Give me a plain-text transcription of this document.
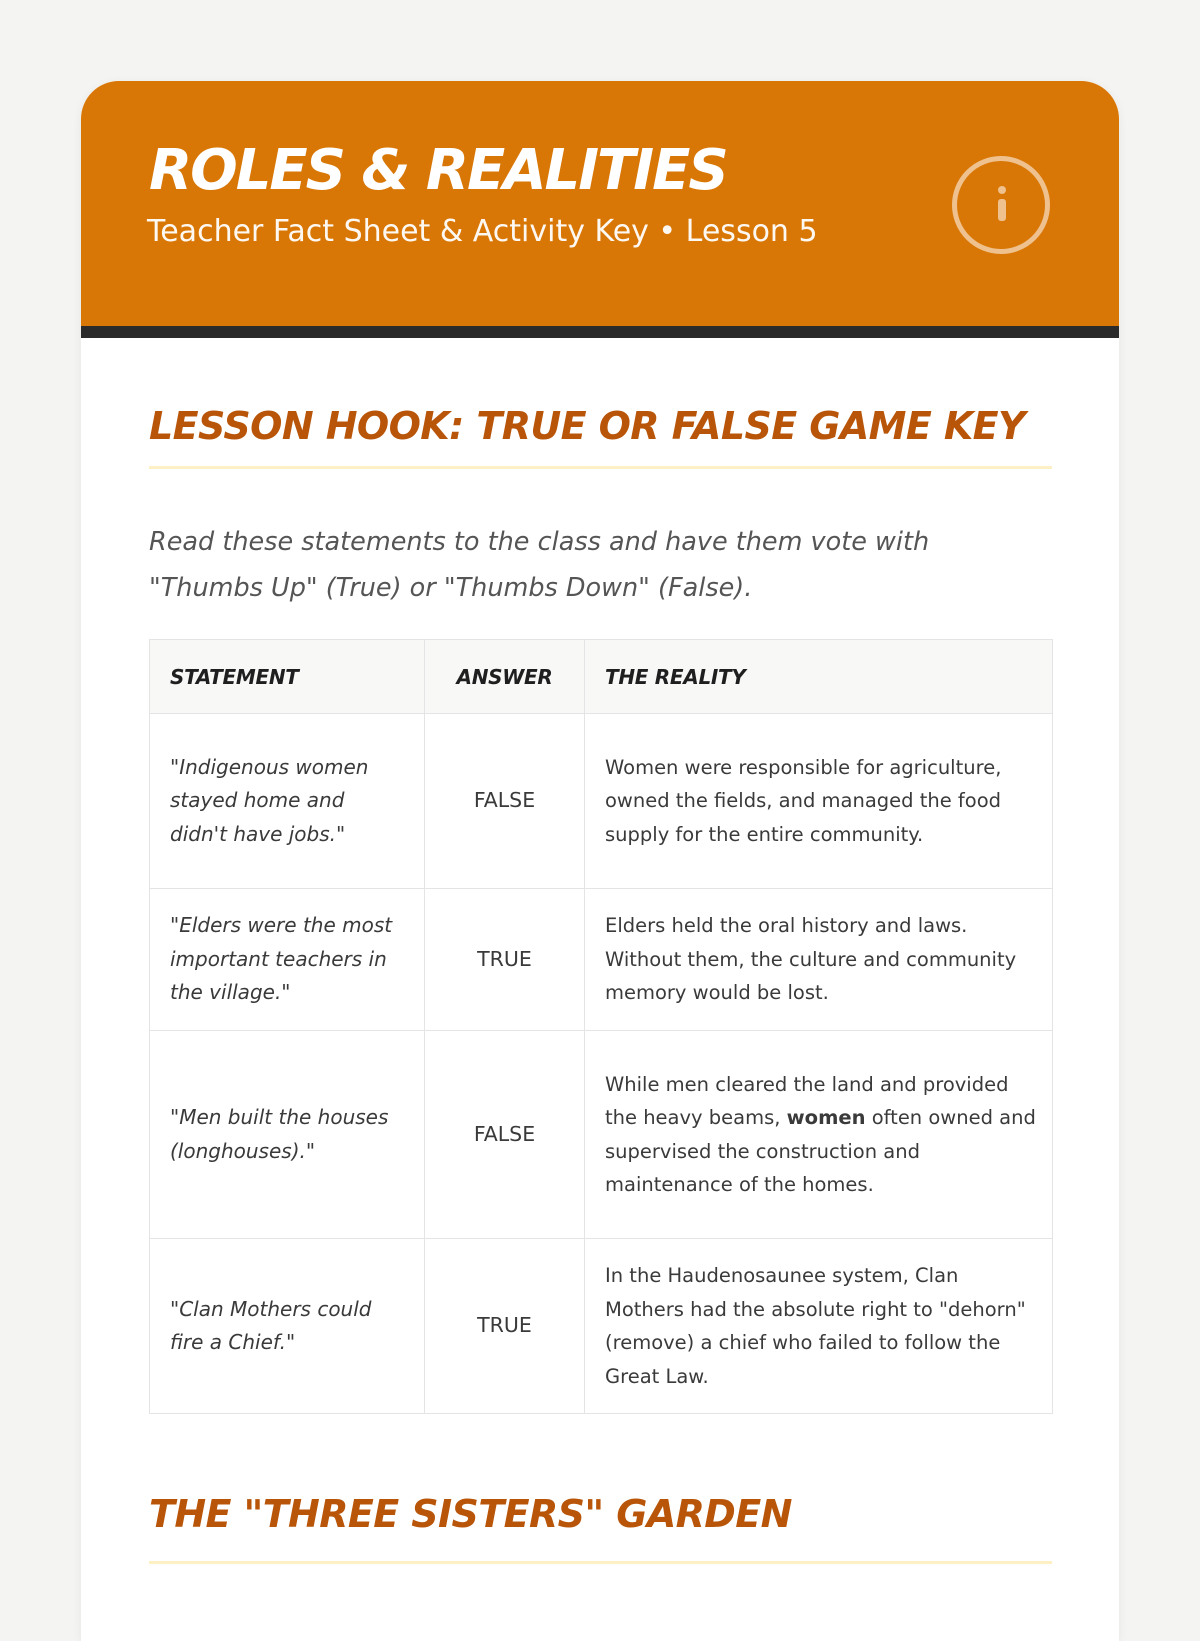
ROLES & REALITIES

Teacher Fact Sheet & Activity Key • Lesson 5

LESSON HOOK: TRUE OR FALSE GAME KEY

Read these statements to the class and have them vote with "Thumbs Up" (True) or "Thumbs Down" (False).

STATEMENT	ANSWER	THE REALITY
"Indigenous women stayed home and didn't have jobs."	FALSE	Women were responsible for agriculture, owned the fields, and managed the food supply for the entire community.
"Elders were the most important teachers in the village."	TRUE	Elders held the oral history and laws. Without them, the culture and community memory would be lost.
"Men built the houses (longhouses)."	FALSE	While men cleared the land and provided the heavy beams, women often owned and supervised the construction and maintenance of the homes.
"Clan Mothers could fire a Chief."	TRUE	In the Haudenosaunee system, Clan Mothers had the absolute right to "dehorn" (remove) a chief who failed to follow the Great Law.
THE "THREE SISTERS" GARDEN
